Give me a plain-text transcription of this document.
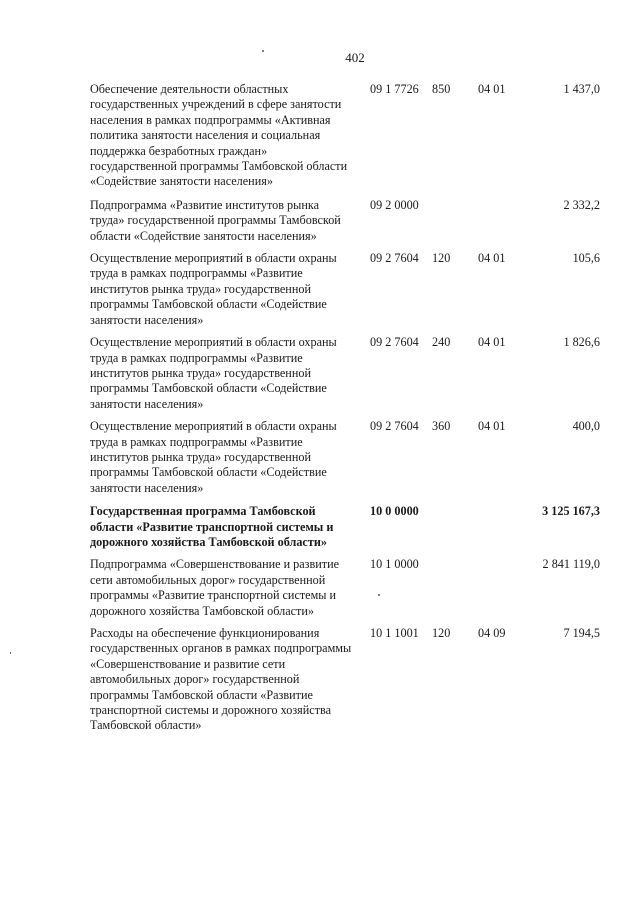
402
Обеспечение деятельности областных государственных учреждений в сфере занятости населения в рамках подпрограммы «Активная политика занятости населения и социальная поддержка безработных граждан» государственной программы Тамбовской области «Содействие занятости населения»
09 1 7726 850 04 01	1 437,0
Подпрограмма «Развитие институтов рынка труда» государственной программы Тамбовской области «Содействие занятости населения»
09 2 0000	2 332,2
Осуществление мероприятий в области охраны труда в рамках подпрограммы «Развитие институтов рынка труда» государственной программы Тамбовской области «Содействие занятости населения»
09 2 7604 120 04 01	105,6
Осуществление мероприятий в области охраны труда в рамках подпрограммы «Развитие институтов рынка труда» государственной программы Тамбовской области «Содействие занятости населения»
09 2 7604 240 04 01	1 826,6
Осуществление мероприятий в области охраны труда в рамках подпрограммы «Развитие институтов рынка труда» государственной программы Тамбовской области «Содействие занятости населения»
09 2 7604 360 04 01	400,0
Государственная программа Тамбовской области «Развитие транспортной системы и дорожного хозяйства Тамбовской области»
10 0 0000	3 125 167,3
Подпрограмма «Совершенствование и развитие сети автомобильных дорог» государственной программы «Развитие транспортной системы и дорожного хозяйства Тамбовской области»
10 1 0000	2 841 119,0
Расходы на обеспечение функционирования государственных органов в рамках подпрограммы «Совершенствование и развитие сети автомобильных дорог» государственной программы Тамбовской области «Развитие транспортной системы и дорожного хозяйства Тамбовской области»
10 1 1001 120 04 09	7 194,5
